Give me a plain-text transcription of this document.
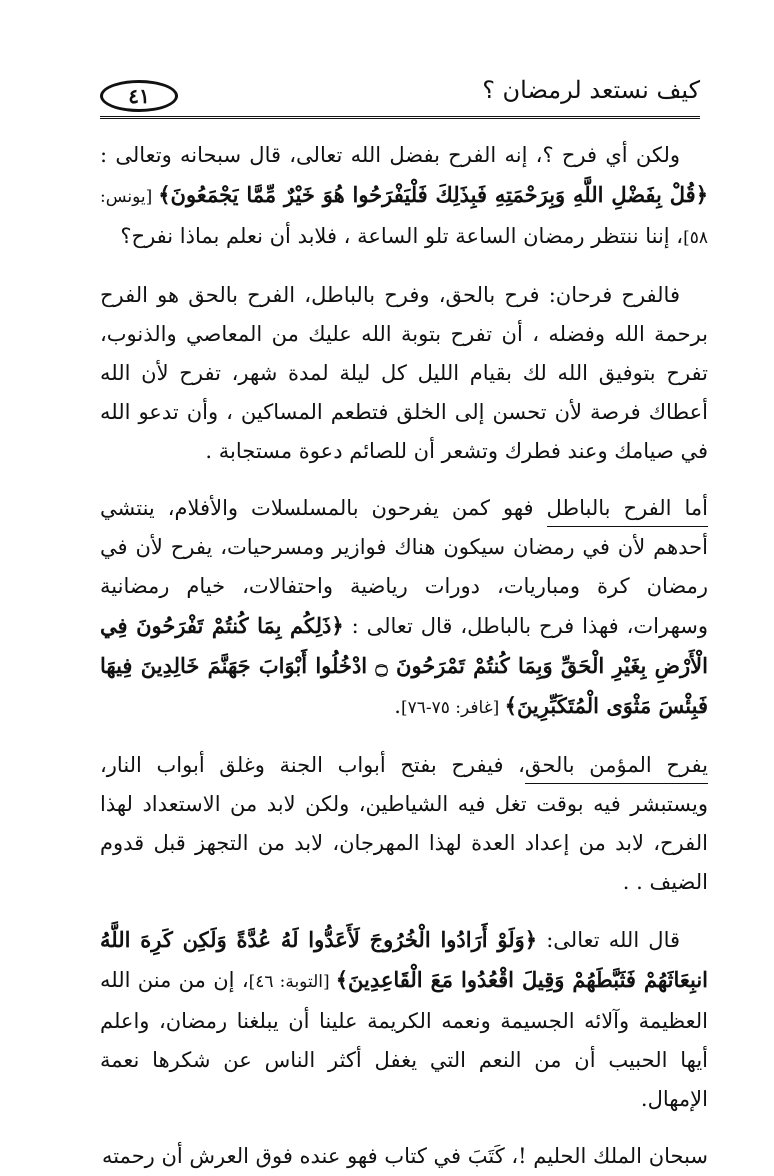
كيف نستعد لرمضان ؟
٤١

ولكن أي فرح ؟، إنه الفرح بفضل الله تعالى، قال سبحانه وتعالى : ﴿قُلْ بِفَضْلِ اللَّهِ وَبِرَحْمَتِهِ فَبِذَلِكَ فَلْيَفْرَحُوا هُوَ خَيْرٌ مِّمَّا يَجْمَعُونَ﴾ [يونس: ٥٨]، إننا ننتظر رمضان الساعة تلو الساعة ، فلابد أن نعلم بماذا نفرح؟

فالفرح فرحان: فرح بالحق، وفرح بالباطل، الفرح بالحق هو الفرح برحمة الله وفضله ، أن تفرح بتوبة الله عليك من المعاصي والذنوب، تفرح بتوفيق الله لك بقيام الليل كل ليلة لمدة شهر، تفرح لأن الله أعطاك فرصة لأن تحسن إلى الخلق فتطعم المساكين ، وأن تدعو الله في صيامك وعند فطرك وتشعر أن للصائم دعوة مستجابة .

أما الفرح بالباطل فهو كمن يفرحون بالمسلسلات والأفلام، ينتشي أحدهم لأن في رمضان سيكون هناك فوازير ومسرحيات، يفرح لأن في رمضان كرة ومباريات، دورات رياضية واحتفالات، خيام رمضانية وسهرات، فهذا فرح بالباطل، قال تعالى : ﴿ذَلِكُم بِمَا كُنتُمْ تَفْرَحُونَ فِي الْأَرْضِ بِغَيْرِ الْحَقِّ وَبِمَا كُنتُمْ تَمْرَحُونَ ۝ ادْخُلُوا أَبْوَابَ جَهَنَّمَ خَالِدِينَ فِيهَا فَبِئْسَ مَثْوَى الْمُتَكَبِّرِينَ﴾ [غافر: ٧٥-٧٦].

يفرح المؤمن بالحق، فيفرح بفتح أبواب الجنة وغلق أبواب النار، ويستبشر فيه بوقت تغل فيه الشياطين، ولكن لابد من الاستعداد لهذا الفرح، لابد من إعداد العدة لهذا المهرجان، لابد من التجهز قبل قدوم الضيف . .

قال الله تعالى: ﴿وَلَوْ أَرَادُوا الْخُرُوجَ لَأَعَدُّوا لَهُ عُدَّةً وَلَكِن كَرِهَ اللَّهُ انبِعَاثَهُمْ فَثَبَّطَهُمْ وَقِيلَ اقْعُدُوا مَعَ الْقَاعِدِينَ﴾ [التوبة: ٤٦]، إن من منن الله العظيمة وآلائه الجسيمة ونعمه الكريمة علينا أن يبلغنا رمضان، واعلم أيها الحبيب أن من النعم التي يغفل أكثر الناس عن شكرها نعمة الإمهال.

سبحان الملك الحليم !، كَتَبَ في كتاب فهو عنده فوق العرش أن رحمته
